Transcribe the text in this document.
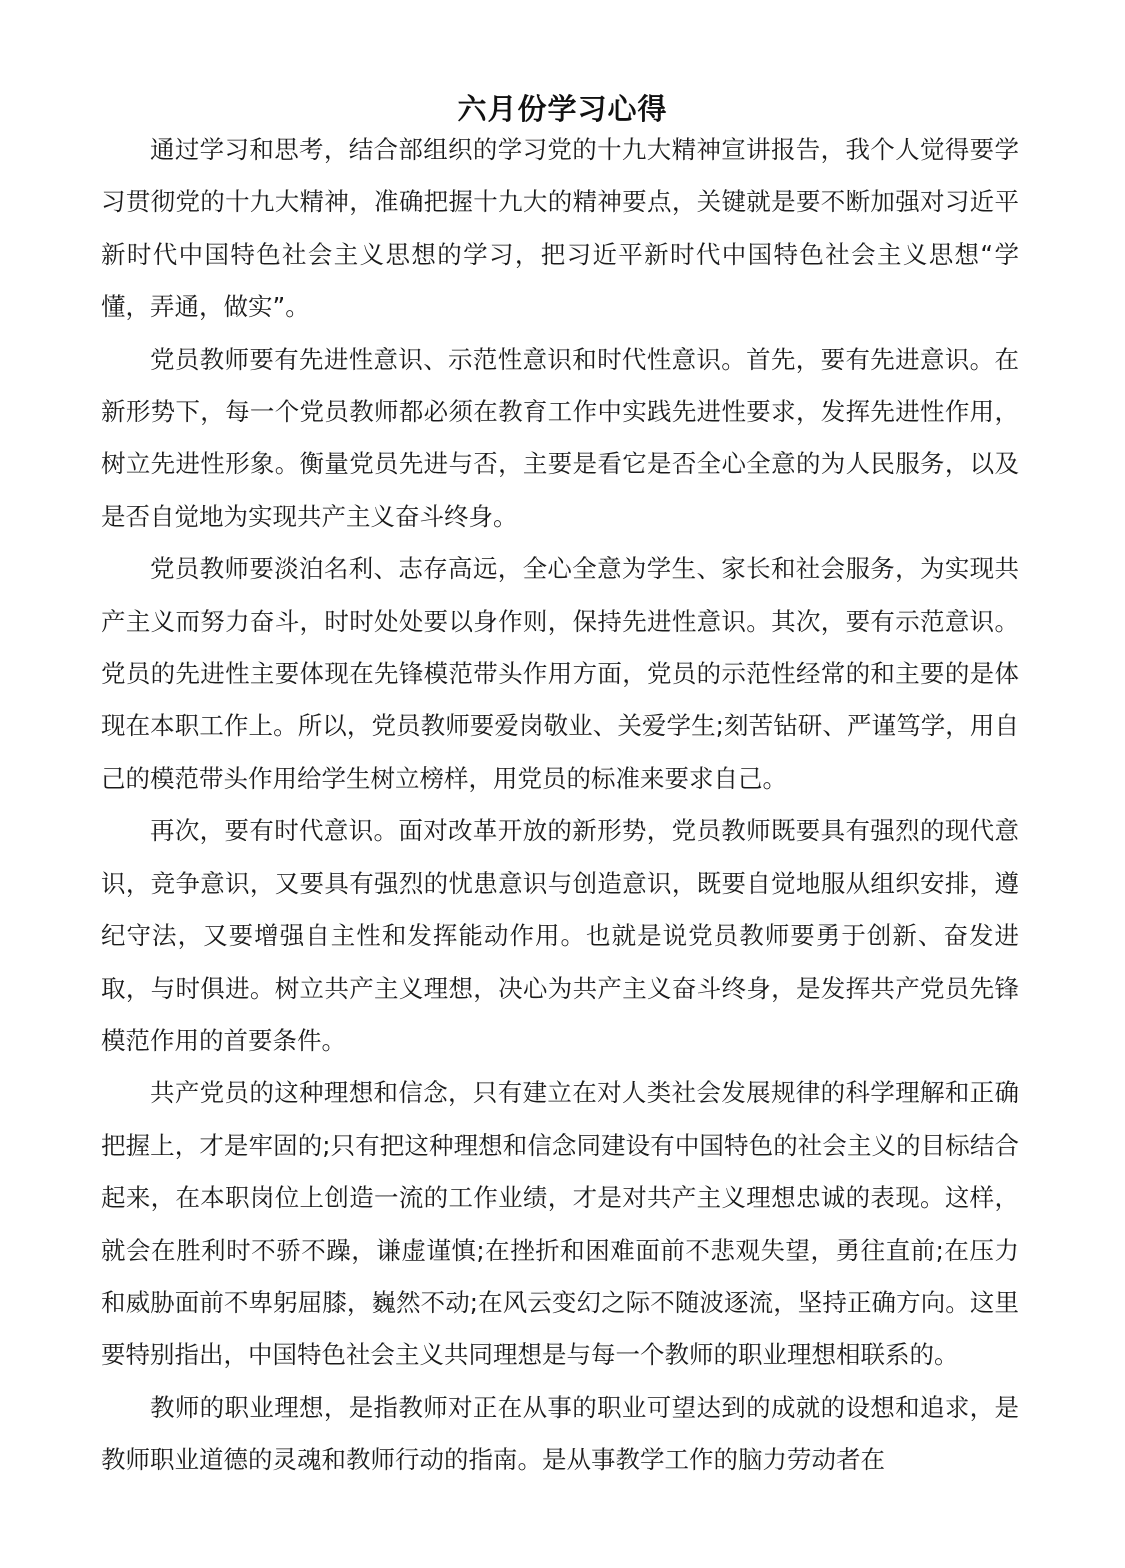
六月份学习心得

通过学习和思考，结合部组织的学习党的十九大精神宣讲报告，我个人觉得要学习贯彻党的十九大精神，准确把握十九大的精神要点，关键就是要不断加强对习近平新时代中国特色社会主义思想的学习，把习近平新时代中国特色社会主义思想“学懂，弄通，做实”。

党员教师要有先进性意识、示范性意识和时代性意识。首先，要有先进意识。在新形势下，每一个党员教师都必须在教育工作中实践先进性要求，发挥先进性作用，树立先进性形象。衡量党员先进与否，主要是看它是否全心全意的为人民服务，以及是否自觉地为实现共产主义奋斗终身。

党员教师要淡泊名利、志存高远，全心全意为学生、家长和社会服务，为实现共产主义而努力奋斗，时时处处要以身作则，保持先进性意识。其次，要有示范意识。党员的先进性主要体现在先锋模范带头作用方面，党员的示范性经常的和主要的是体现在本职工作上。所以，党员教师要爱岗敬业、关爱学生;刻苦钻研、严谨笃学，用自己的模范带头作用给学生树立榜样，用党员的标准来要求自己。

再次，要有时代意识。面对改革开放的新形势，党员教师既要具有强烈的现代意识，竞争意识，又要具有强烈的忧患意识与创造意识，既要自觉地服从组织安排，遵纪守法，又要增强自主性和发挥能动作用。也就是说党员教师要勇于创新、奋发进取，与时俱进。树立共产主义理想，决心为共产主义奋斗终身，是发挥共产党员先锋模范作用的首要条件。

共产党员的这种理想和信念，只有建立在对人类社会发展规律的科学理解和正确把握上，才是牢固的;只有把这种理想和信念同建设有中国特色的社会主义的目标结合起来，在本职岗位上创造一流的工作业绩，才是对共产主义理想忠诚的表现。这样，就会在胜利时不骄不躁，谦虚谨慎;在挫折和困难面前不悲观失望，勇往直前;在压力和威胁面前不卑躬屈膝，巍然不动;在风云变幻之际不随波逐流，坚持正确方向。这里要特别指出，中国特色社会主义共同理想是与每一个教师的职业理想相联系的。

教师的职业理想，是指教师对正在从事的职业可望达到的成就的设想和追求，是教师职业道德的灵魂和教师行动的指南。是从事教学工作的脑力劳动者在
